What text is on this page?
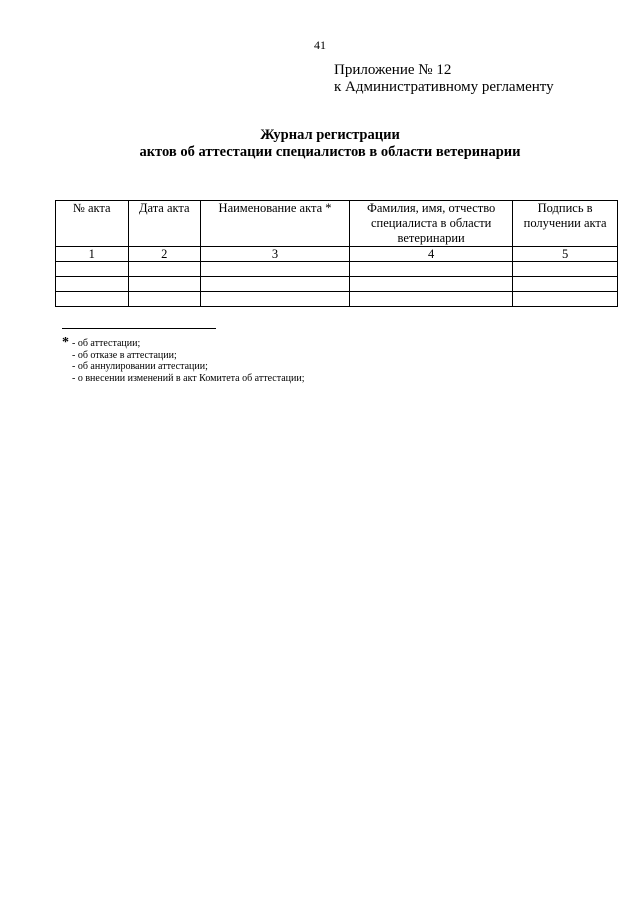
41
Приложение № 12
к Административному регламенту
Журнал регистрации
актов об аттестации специалистов в области ветеринарии
№ акта	Дата акта	Наименование акта *	Фамилия, имя, отчество специалиста в области ветеринарии	Подпись в получении акта
1	2	3	4	5

* - об аттестации;
- об отказе в аттестации;
- об аннулировании аттестации;
- о внесении изменений в акт Комитета об аттестации;
